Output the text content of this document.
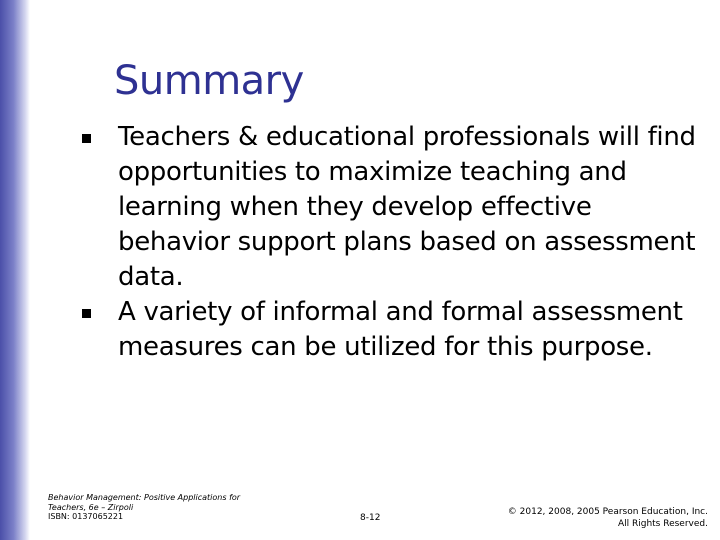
Summary
Teachers & educational professionals will find opportunities to maximize teaching and learning when they develop effective behavior support plans based on assessment data.
A variety of informal and formal assessment measures can be utilized for this purpose.
Behavior Management: Positive Applications for Teachers, 6e – Zirpoli
ISBN: 0137065221	8-12
© 2012, 2008, 2005 Pearson Education, Inc.
All Rights Reserved.
